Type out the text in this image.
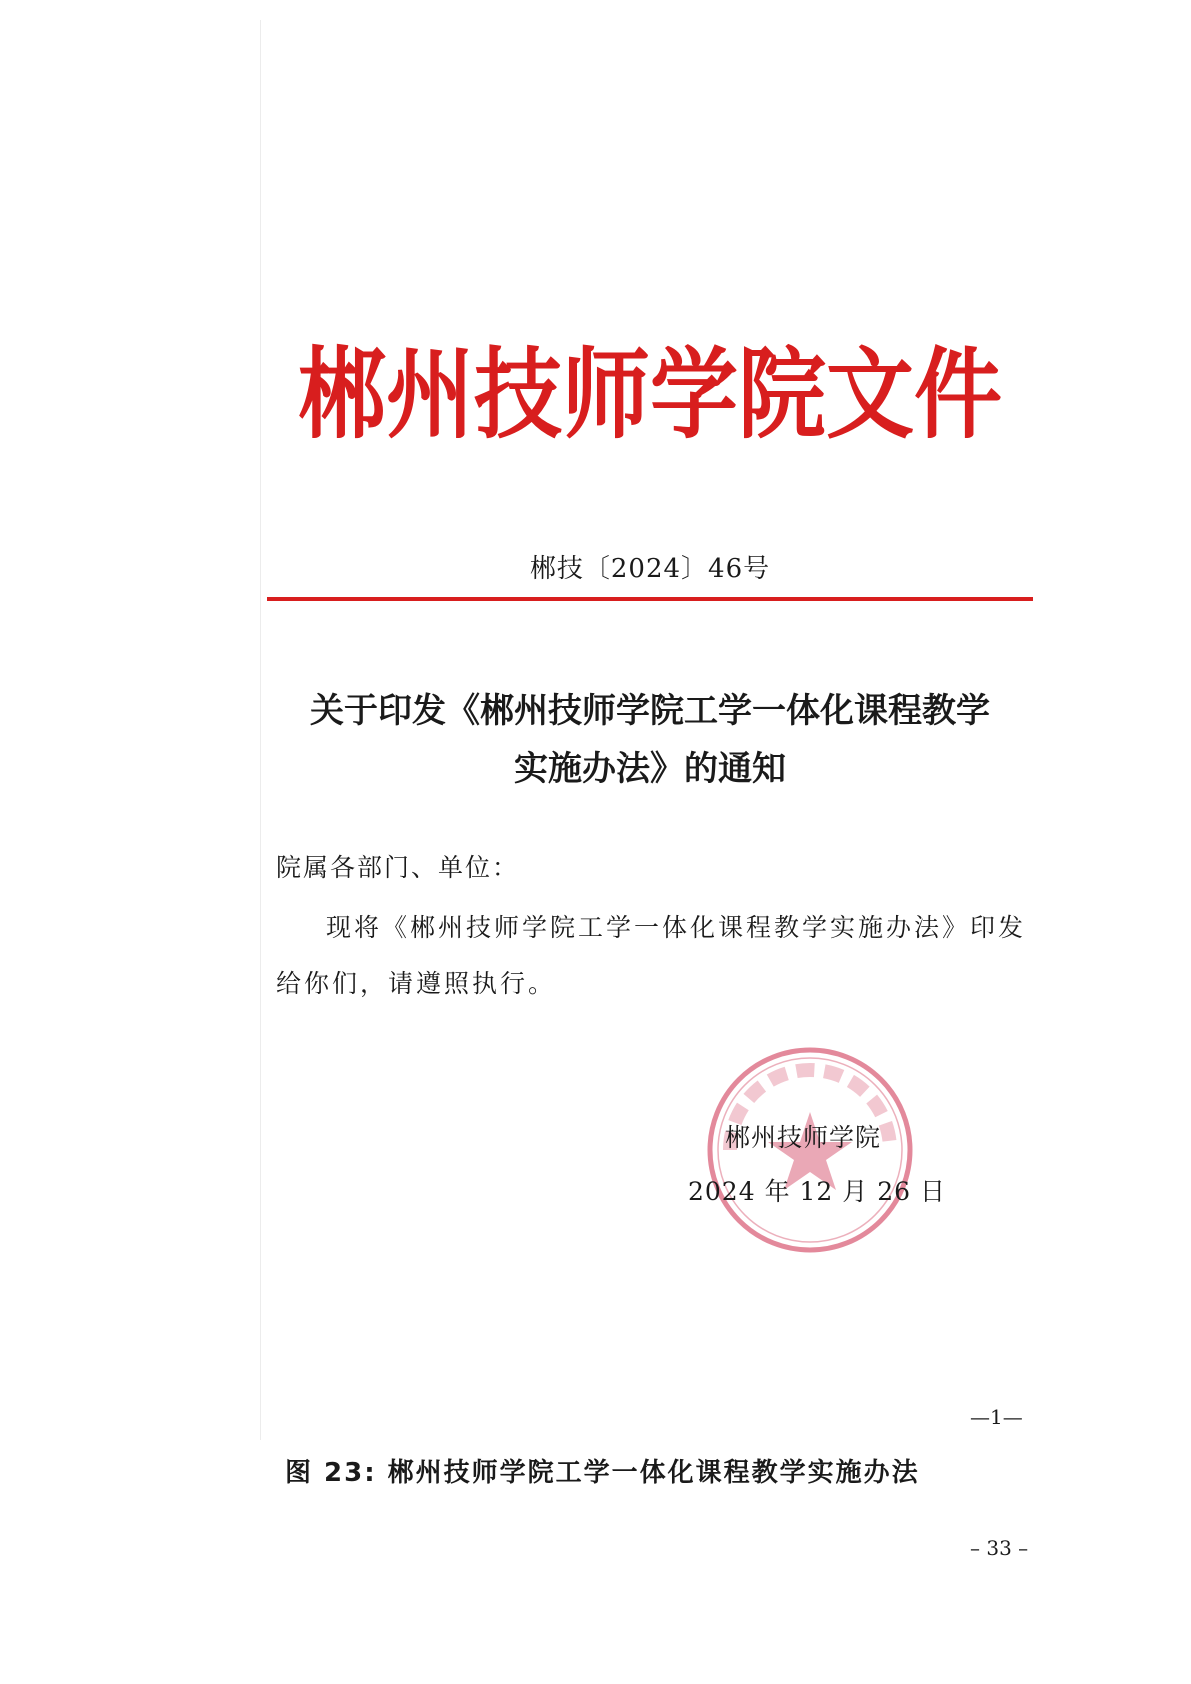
郴州技师学院文件
郴技〔2024〕46号
关于印发《郴州技师学院工学一体化课程教学
实施办法》的通知
院属各部门、单位：
现将《郴州技师学院工学一体化课程教学实施办法》印发给你们，请遵照执行。
郴州技师学院
2024 年 12 月 26 日
—1—
图 23: 郴州技师学院工学一体化课程教学实施办法
– 33 –
